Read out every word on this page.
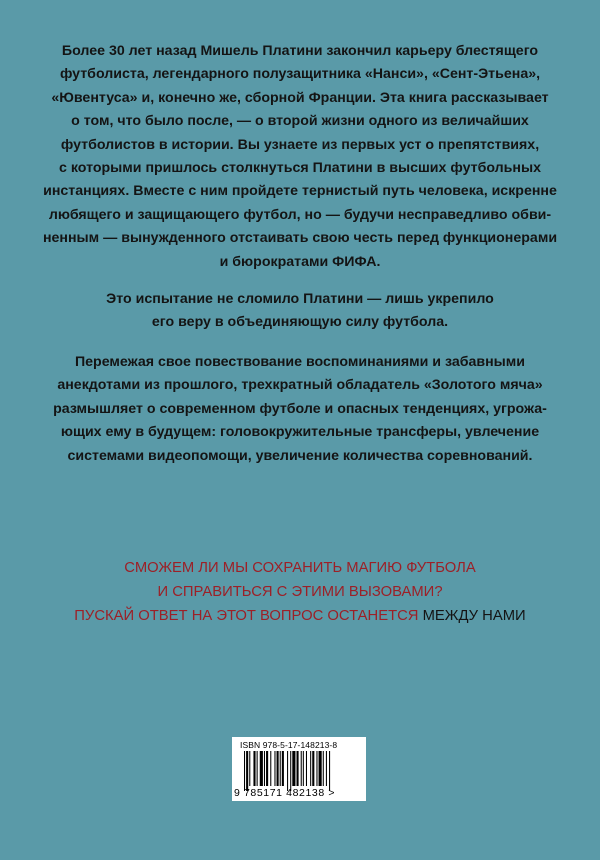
Более 30 лет назад Мишель Платини закончил карьеру блестящего
футболиста, легендарного полузащитника «Нанси», «Сент-Этьена»,
«Ювентуса» и, конечно же, сборной Франции. Эта книга рассказывает
о том, что было после, — о второй жизни одного из величайших
футболистов в истории. Вы узнаете из первых уст о препятствиях,
с которыми пришлось столкнуться Платини в высших футбольных
инстанциях. Вместе с ним пройдете тернистый путь человека, искренне
любящего и защищающего футбол, но — будучи несправедливо обви-
ненным — вынужденного отстаивать свою честь перед функционерами
и бюрократами ФИФА.
Это испытание не сломило Платини — лишь укрепило
его веру в объединяющую силу футбола.
Перемежая свое повествование воспоминаниями и забавными
анекдотами из прошлого, трехкратный обладатель «Золотого мяча»
размышляет о современном футболе и опасных тенденциях, угрожа-
ющих ему в будущем: головокружительные трансферы, увлечение
системами видеопомощи, увеличение количества соревнований.
СМОЖЕМ ЛИ МЫ СОХРАНИТЬ МАГИЮ ФУТБОЛА
И СПРАВИТЬСЯ С ЭТИМИ ВЫЗОВАМИ?
ПУСКАЙ ОТВЕТ НА ЭТОТ ВОПРОС ОСТАНЕТСЯ МЕЖДУ НАМИ
ISBN 978-5-17-148213-8
9 785171 482138 >
